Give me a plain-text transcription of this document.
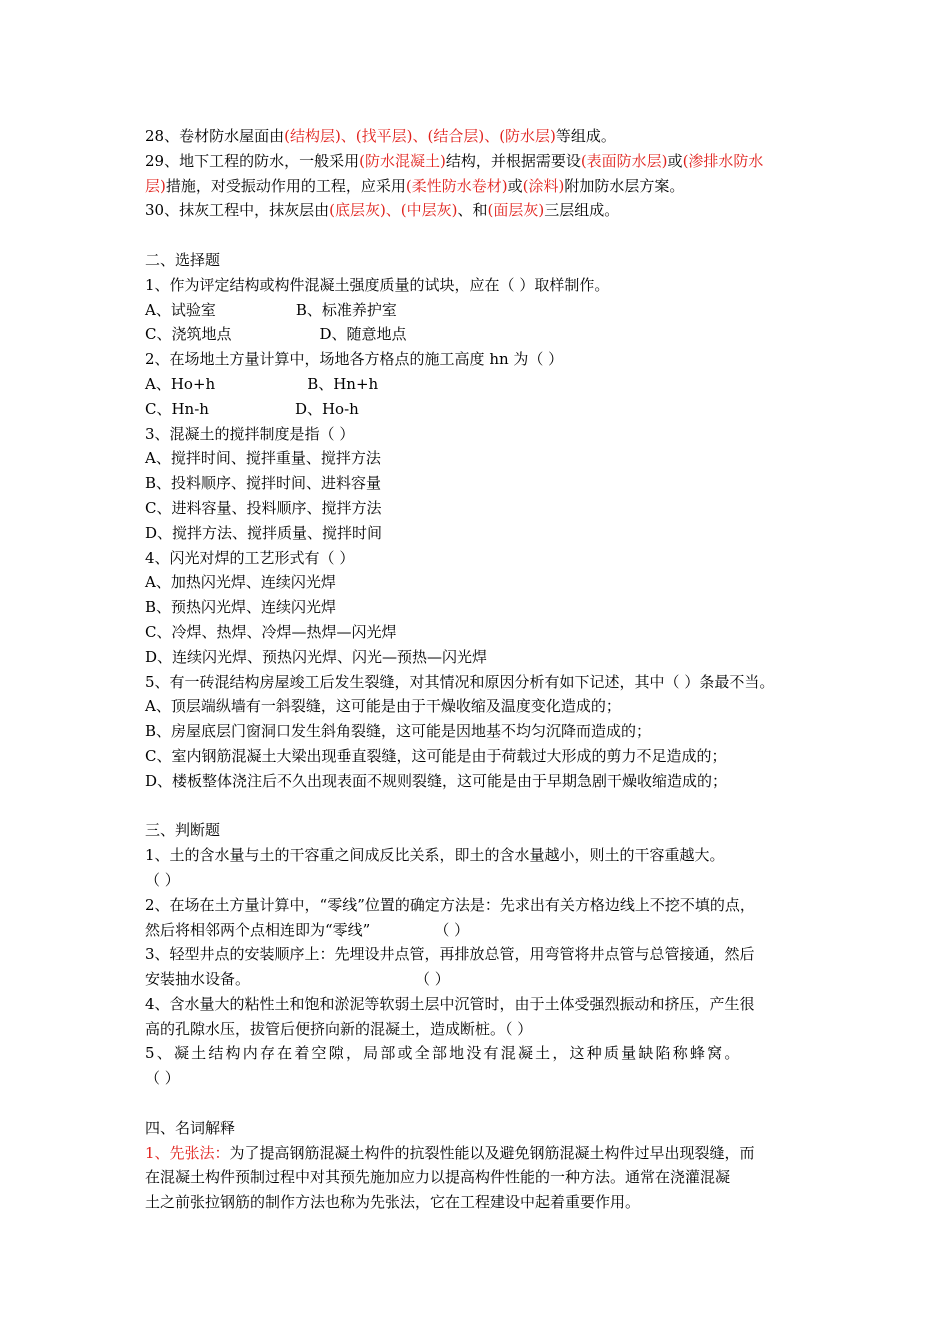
28、卷材防水屋面由(结构层)、(找平层)、(结合层)、(防水层)等组成。
29、地下工程的防水，一般采用(防水混凝土)结构，并根据需要设(表面防水层)或(渗排水防水
层)措施，对受振动作用的工程，应采用(柔性防水卷材)或(涂料)附加防水层方案。
30、抹灰工程中，抹灰层由(底层灰)、(中层灰)、和(面层灰)三层组成。
二、选择题
1、作为评定结构或构件混凝土强度质量的试块，应在（ ）取样制作。
A、试验室	B、标准养护室
C、浇筑地点	D、随意地点
2、在场地土方量计算中，场地各方格点的施工高度 hn 为（ ）
A、Ho+h	B、Hn+h
C、Hn-h	D、Ho-h
3、混凝土的搅拌制度是指（ ）
A、搅拌时间、搅拌重量、搅拌方法
B、投料顺序、搅拌时间、进料容量
C、进料容量、投料顺序、搅拌方法
D、搅拌方法、搅拌质量、搅拌时间
4、闪光对焊的工艺形式有（ ）
A、加热闪光焊、连续闪光焊
B、预热闪光焊、连续闪光焊
C、冷焊、热焊、冷焊—热焊—闪光焊
D、连续闪光焊、预热闪光焊、闪光—预热—闪光焊
5、有一砖混结构房屋竣工后发生裂缝，对其情况和原因分析有如下记述，其中（ ）条最不当。
A、顶层端纵墙有一斜裂缝，这可能是由于干燥收缩及温度变化造成的；
B、房屋底层门窗洞口发生斜角裂缝，这可能是因地基不均匀沉降而造成的；
C、室内钢筋混凝土大梁出现垂直裂缝，这可能是由于荷载过大形成的剪力不足造成的；
D、楼板整体浇注后不久出现表面不规则裂缝，这可能是由于早期急剧干燥收缩造成的；
三、判断题
1、土的含水量与土的干容重之间成反比关系，即土的含水量越小，则土的干容重越大。
（ ）
2、在场在土方量计算中，“零线”位置的确定方法是：先求出有关方格边线上不挖不填的点，
然后将相邻两个点相连即为“零线”	（ ）
3、轻型井点的安装顺序上：先埋设井点管，再排放总管，用弯管将井点管与总管接通，然后
安装抽水设备。	（ ）
4、含水量大的粘性土和饱和淤泥等软弱土层中沉管时，由于土体受强烈振动和挤压，产生很
高的孔隙水压，拔管后便挤向新的混凝土，造成断桩。（ ）
5、凝土结构内存在着空隙，局部或全部地没有混凝土，这种质量缺陷称蜂窝。
（ ）
四、名词解释
1、先张法：为了提高钢筋混凝土构件的抗裂性能以及避免钢筋混凝土构件过早出现裂缝，而
在混凝土构件预制过程中对其预先施加应力以提高构件性能的一种方法。通常在浇灌混凝
土之前张拉钢筋的制作方法也称为先张法，它在工程建设中起着重要作用。
